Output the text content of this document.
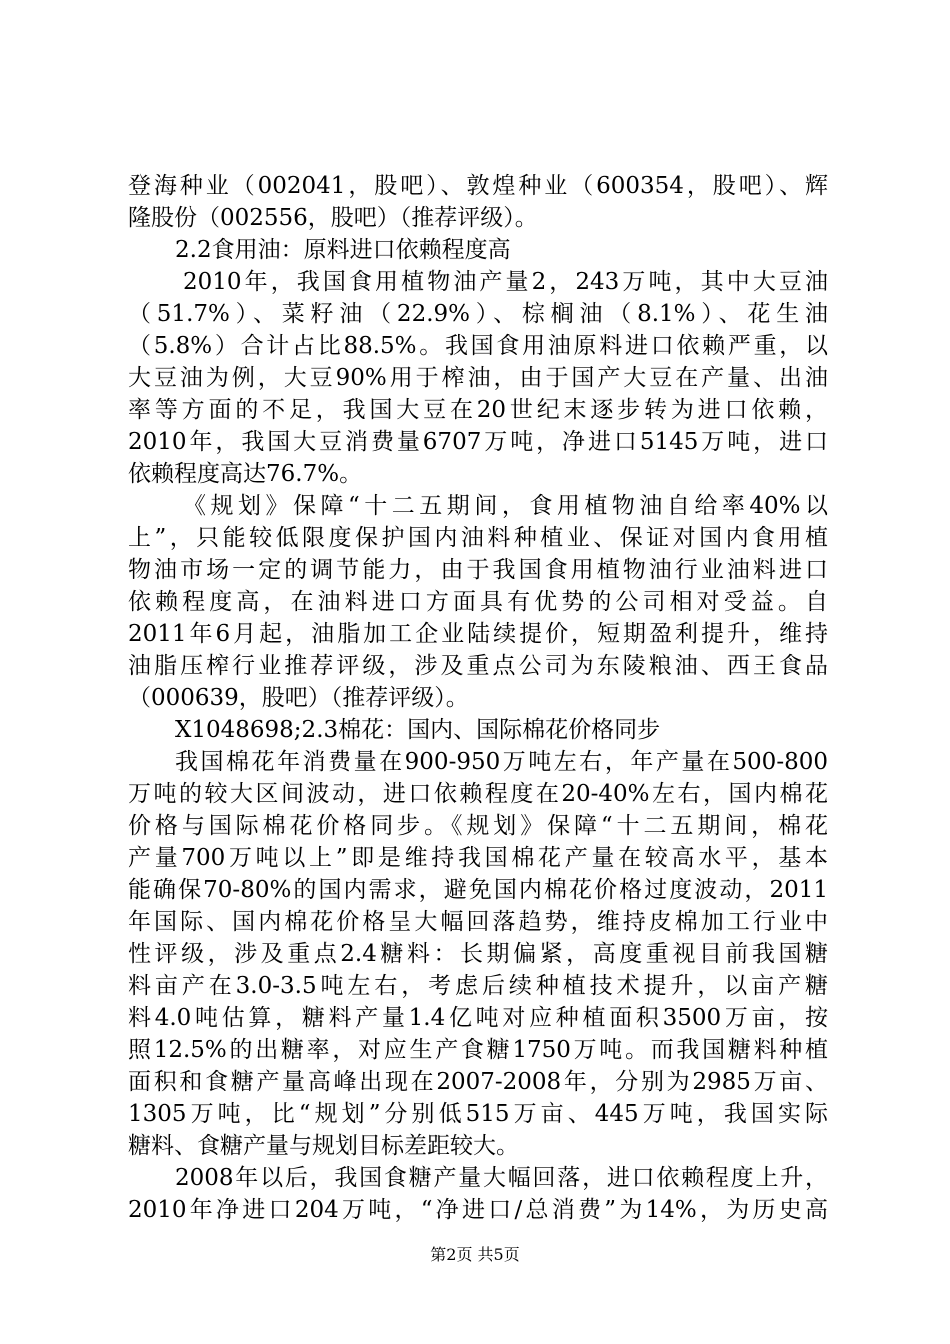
登海种业（002041，股吧）、敦煌种业（600354，股吧）、辉
隆股份（002556，股吧）（推荐评级）。
2.2食用油：原料进口依赖程度高
2010年，我国食用植物油产量2，243万吨，其中大豆油
（51.7%）、菜籽油（22.9%）、棕榈油（8.1%）、花生油
（5.8%）合计占比88.5%。我国食用油原料进口依赖严重，以
大豆油为例，大豆90%用于榨油，由于国产大豆在产量、出油
率等方面的不足，我国大豆在20世纪末逐步转为进口依赖，
2010年，我国大豆消费量6707万吨，净进口5145万吨，进口
依赖程度高达76.7%。
《规划》保障“十二五期间，食用植物油自给率40%以
上”，只能较低限度保护国内油料种植业、保证对国内食用植
物油市场一定的调节能力，由于我国食用植物油行业油料进口
依赖程度高，在油料进口方面具有优势的公司相对受益。自
2011年6月起，油脂加工企业陆续提价，短期盈利提升，维持
油脂压榨行业推荐评级，涉及重点公司为东陵粮油、西王食品
（000639，股吧）（推荐评级）。
X1048698;2.3棉花：国内、国际棉花价格同步
我国棉花年消费量在900-950万吨左右，年产量在500-800
万吨的较大区间波动，进口依赖程度在20-40%左右，国内棉花
价格与国际棉花价格同步。《规划》保障“十二五期间，棉花
产量700万吨以上”即是维持我国棉花产量在较高水平，基本
能确保70-80%的国内需求，避免国内棉花价格过度波动，2011
年国际、国内棉花价格呈大幅回落趋势，维持皮棉加工行业中
性评级，涉及重点2.4糖料：长期偏紧，高度重视目前我国糖
料亩产在3.0-3.5吨左右，考虑后续种植技术提升，以亩产糖
料4.0吨估算，糖料产量1.4亿吨对应种植面积3500万亩，按
照12.5%的出糖率，对应生产食糖1750万吨。而我国糖料种植
面积和食糖产量高峰出现在2007-2008年，分别为2985万亩、
1305万吨，比“规划”分别低515万亩、445万吨，我国实际
糖料、食糖产量与规划目标差距较大。
2008年以后，我国食糖产量大幅回落，进口依赖程度上升，
2010年净进口204万吨，“净进口/总消费”为14%，为历史高
第2页 共5页
